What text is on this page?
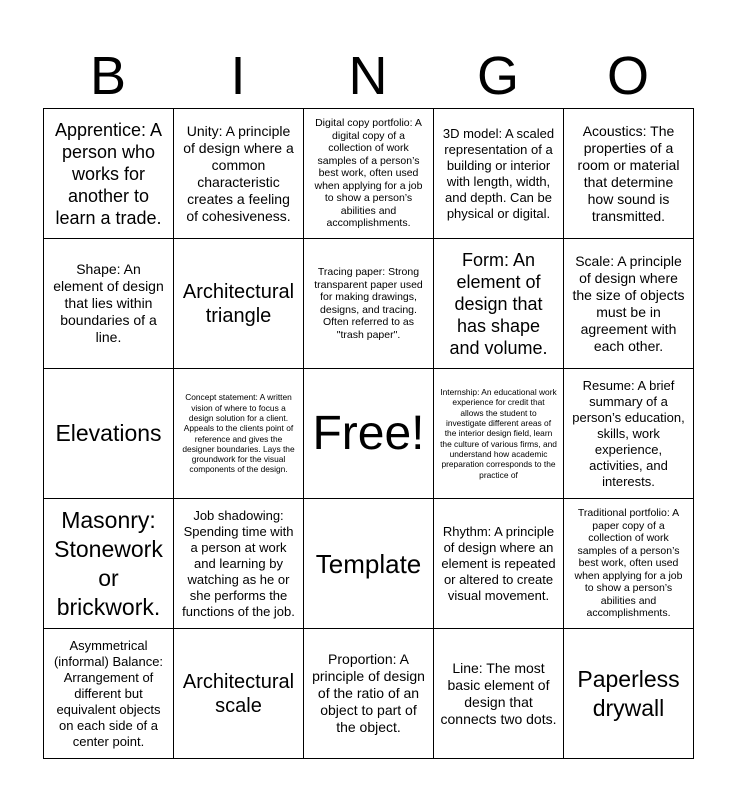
B	I	N	G	O
Apprentice: A person who works for another to learn a trade.
Unity: A principle of design where a common characteristic creates a feeling of cohesiveness.
Digital copy portfolio: A digital copy of a collection of work samples of a person’s best work, often used when applying for a job to show a person’s abilities and accomplishments.
3D model: A scaled representation of a building or interior with length, width, and depth. Can be physical or digital.
Acoustics: The properties of a room or material that determine how sound is transmitted.
Shape: An element of design that lies within boundaries of a line.
Architectural triangle
Tracing paper: Strong transparent paper used for making drawings, designs, and tracing. Often referred to as "trash paper".
Form: An element of design that has shape and volume.
Scale: A principle of design where the size of objects must be in agreement with each other.
Elevations
Concept statement: A written vision of where to focus a design solution for a client. Appeals to the clients point of reference and gives the designer boundaries. Lays the groundwork for the visual components of the design.
Free!
Internship: An educational work experience for credit that allows the student to investigate different areas of the interior design field, learn the culture of various firms, and understand how academic preparation corresponds to the practice of
Resume: A brief summary of a person’s education, skills, work experience, activities, and interests.
Masonry: Stonework or brickwork.
Job shadowing: Spending time with a person at work and learning by watching as he or she performs the functions of the job.
Template
Rhythm: A principle of design where an element is repeated or altered to create visual movement.
Traditional portfolio: A paper copy of a collection of work samples of a person’s best work, often used when applying for a job to show a person’s abilities and accomplishments.
Asymmetrical (informal) Balance: Arrangement of different but equivalent objects on each side of a center point.
Architectural scale
Proportion: A principle of design of the ratio of an object to part of the object.
Line: The most basic element of design that connects two dots.
Paperless drywall
